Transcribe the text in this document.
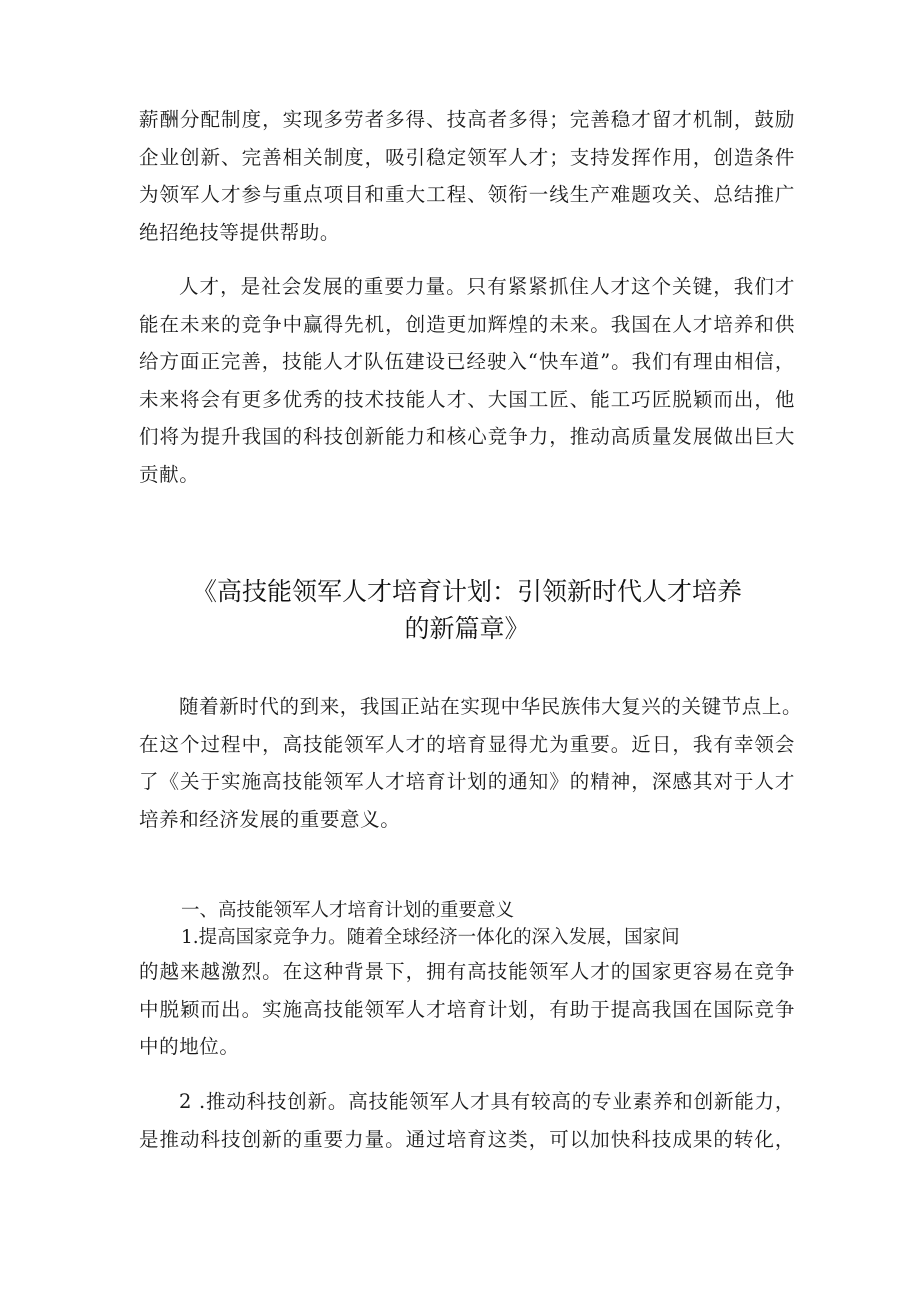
薪酬分配制度，实现多劳者多得、技高者多得；完善稳才留才机制，鼓励
企业创新、完善相关制度，吸引稳定领军人才；支持发挥作用，创造条件
为领军人才参与重点项目和重大工程、领衔一线生产难题攻关、总结推广
绝招绝技等提供帮助。
人才，是社会发展的重要力量。只有紧紧抓住人才这个关键，我们才
能在未来的竞争中赢得先机，创造更加辉煌的未来。我国在人才培养和供
给方面正完善，技能人才队伍建设已经驶入“快车道”。我们有理由相信，
未来将会有更多优秀的技术技能人才、大国工匠、能工巧匠脱颖而出，他
们将为提升我国的科技创新能力和核心竞争力，推动高质量发展做出巨大
贡献。
《高技能领军人才培育计划：引领新时代人才培养
的新篇章》
随着新时代的到来，我国正站在实现中华民族伟大复兴的关键节点上。
在这个过程中，高技能领军人才的培育显得尤为重要。近日，我有幸领会
了《关于实施高技能领军人才培育计划的通知》的精神，深感其对于人才
培养和经济发展的重要意义。
一、高技能领军人才培育计划的重要意义
1.提高国家竞争力。随着全球经济一体化的深入发展，国家间
的越来越激烈。在这种背景下，拥有高技能领军人才的国家更容易在竞争
中脱颖而出。实施高技能领军人才培育计划，有助于提高我国在国际竞争
中的地位。
2 .推动科技创新。高技能领军人才具有较高的专业素养和创新能力，
是推动科技创新的重要力量。通过培育这类，可以加快科技成果的转化，
